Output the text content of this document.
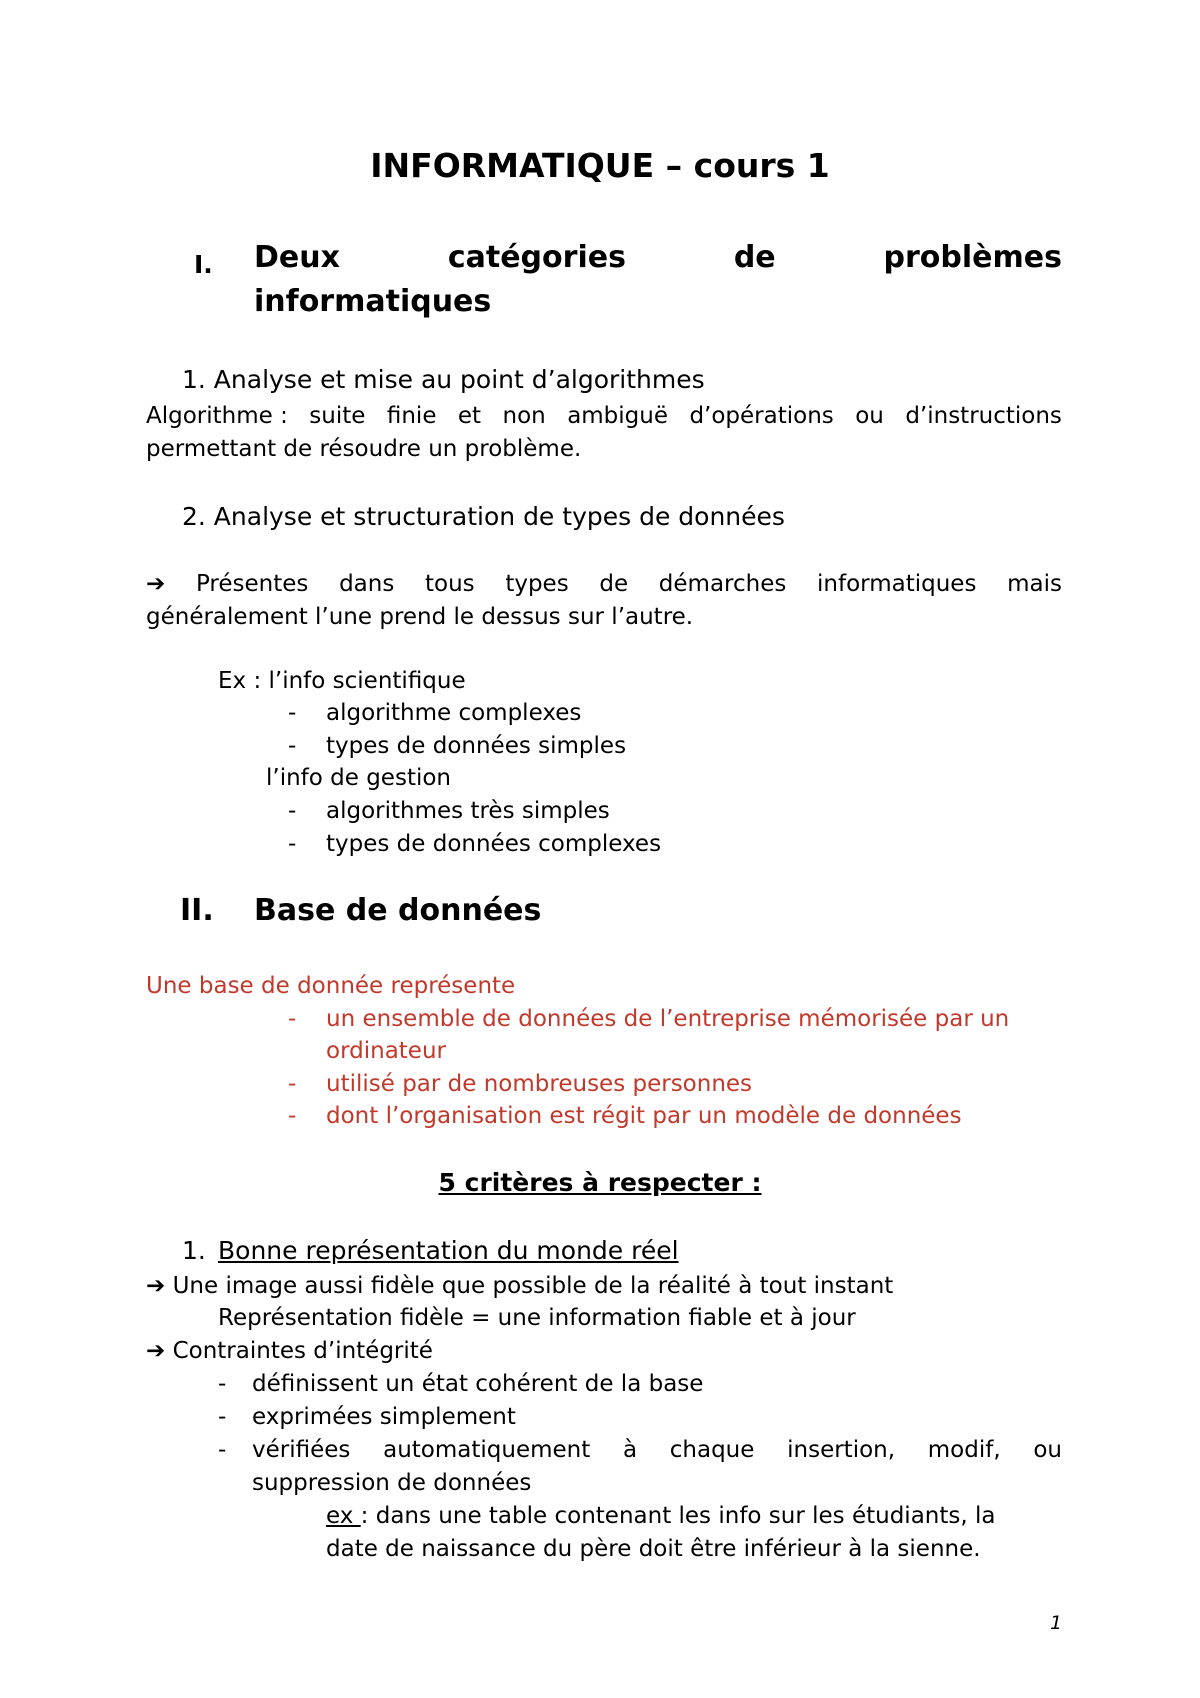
INFORMATIQUE – cours 1
I. Deux	catégories	de	problèmes
informatiques
1. Analyse et mise au point d’algorithmes
Algorithme : suite finie et non ambiguë d’opérations ou d’instructions
permettant de résoudre un problème.
2. Analyse et structuration de types de données
➔ Présentes dans tous types de démarches informatiques mais
généralement l’une prend le dessus sur l’autre.
Ex : l’info scientifique
- algorithme complexes
- types de données simples
l’info de gestion
- algorithmes très simples
- types de données complexes
II. Base de données
Une base de donnée représente
- un ensemble de données de l’entreprise mémorisée par un
ordinateur
- utilisé par de nombreuses personnes
- dont l’organisation est régit par un modèle de données
5 critères à respecter :
1. Bonne représentation du monde réel
➔ Une image aussi fidèle que possible de la réalité à tout instant
Représentation fidèle = une information fiable et à jour
➔ Contraintes d’intégrité
- définissent un état cohérent de la base
- exprimées simplement
- vérifiées automatiquement à chaque insertion, modif, ou
suppression de données
ex : dans une table contenant les info sur les étudiants, la
date de naissance du père doit être inférieur à la sienne.
1
